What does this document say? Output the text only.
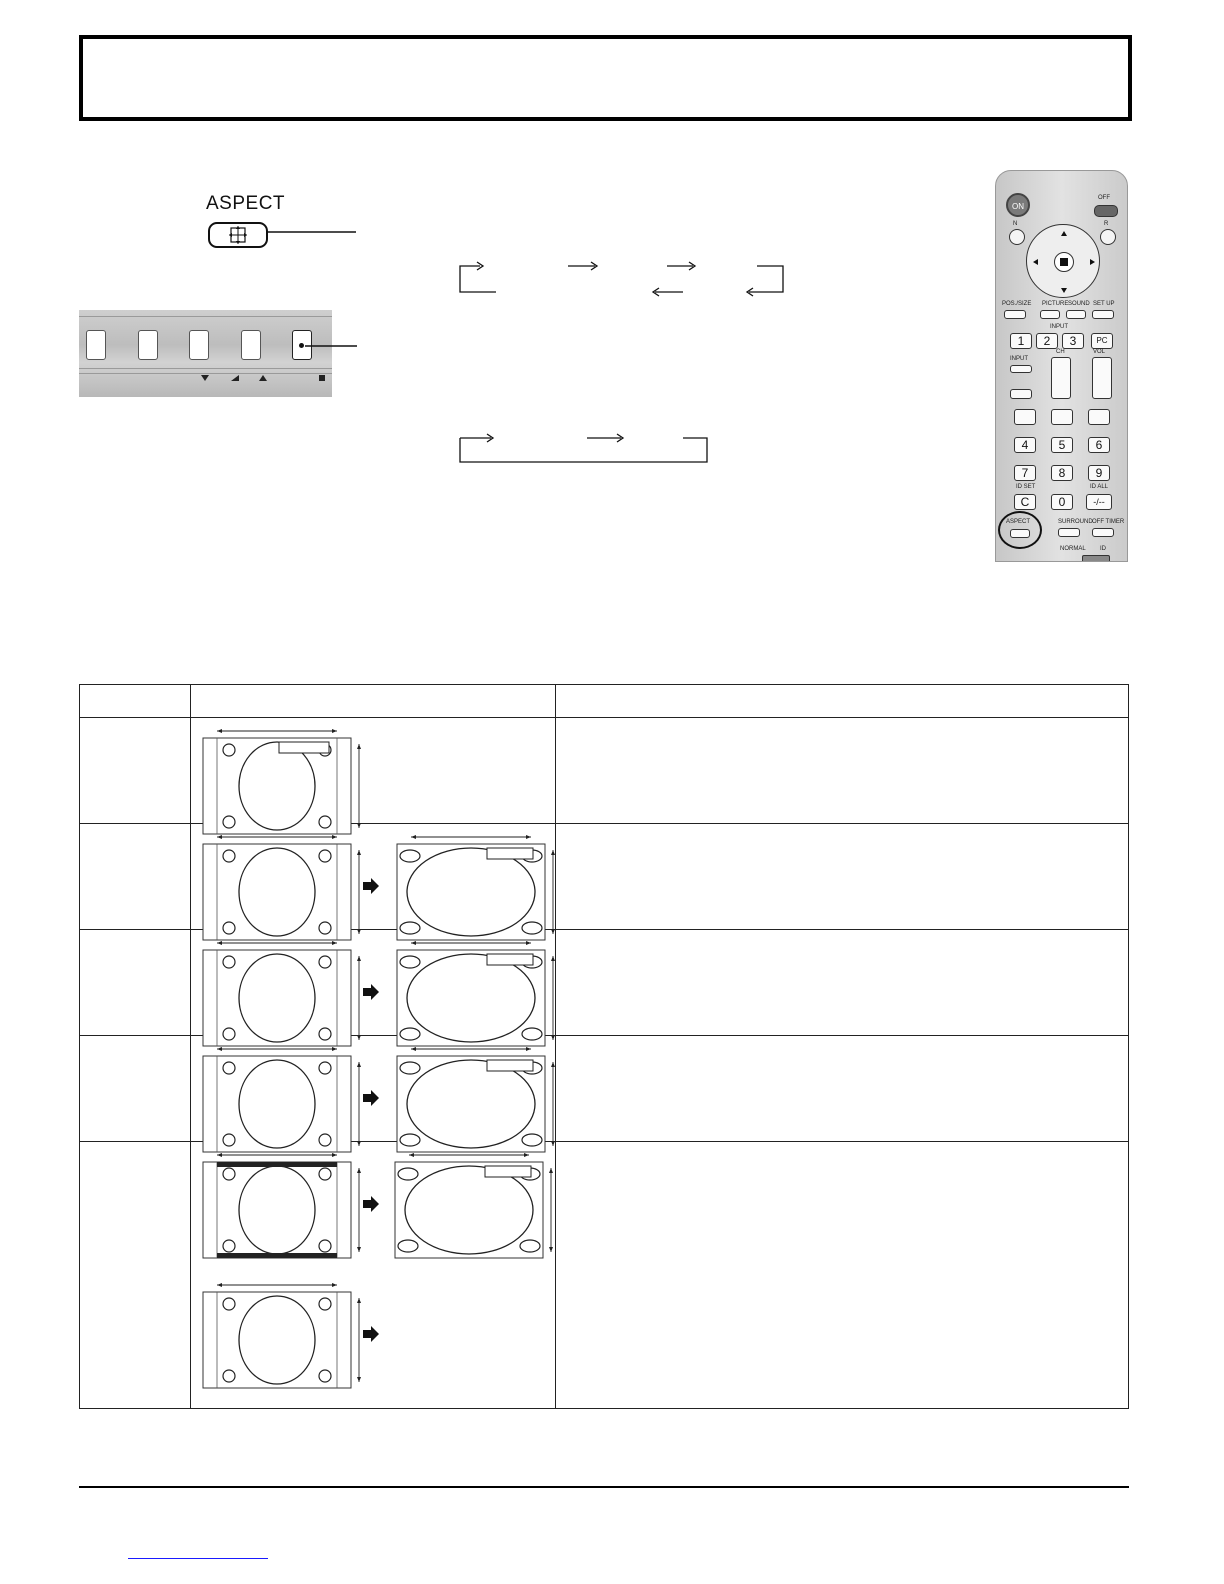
ASPECT	ON
OFF
N	R
POS./SIZE PICTURE SOUND SET UP
INPUT
1	2	3	PC
INPUT
CH	VOL
4	5	6
7	8	9
ID SET	ID ALL
C	0	-/--
ASPECT	SURROUND OFF TIMER
NORMAL ID
